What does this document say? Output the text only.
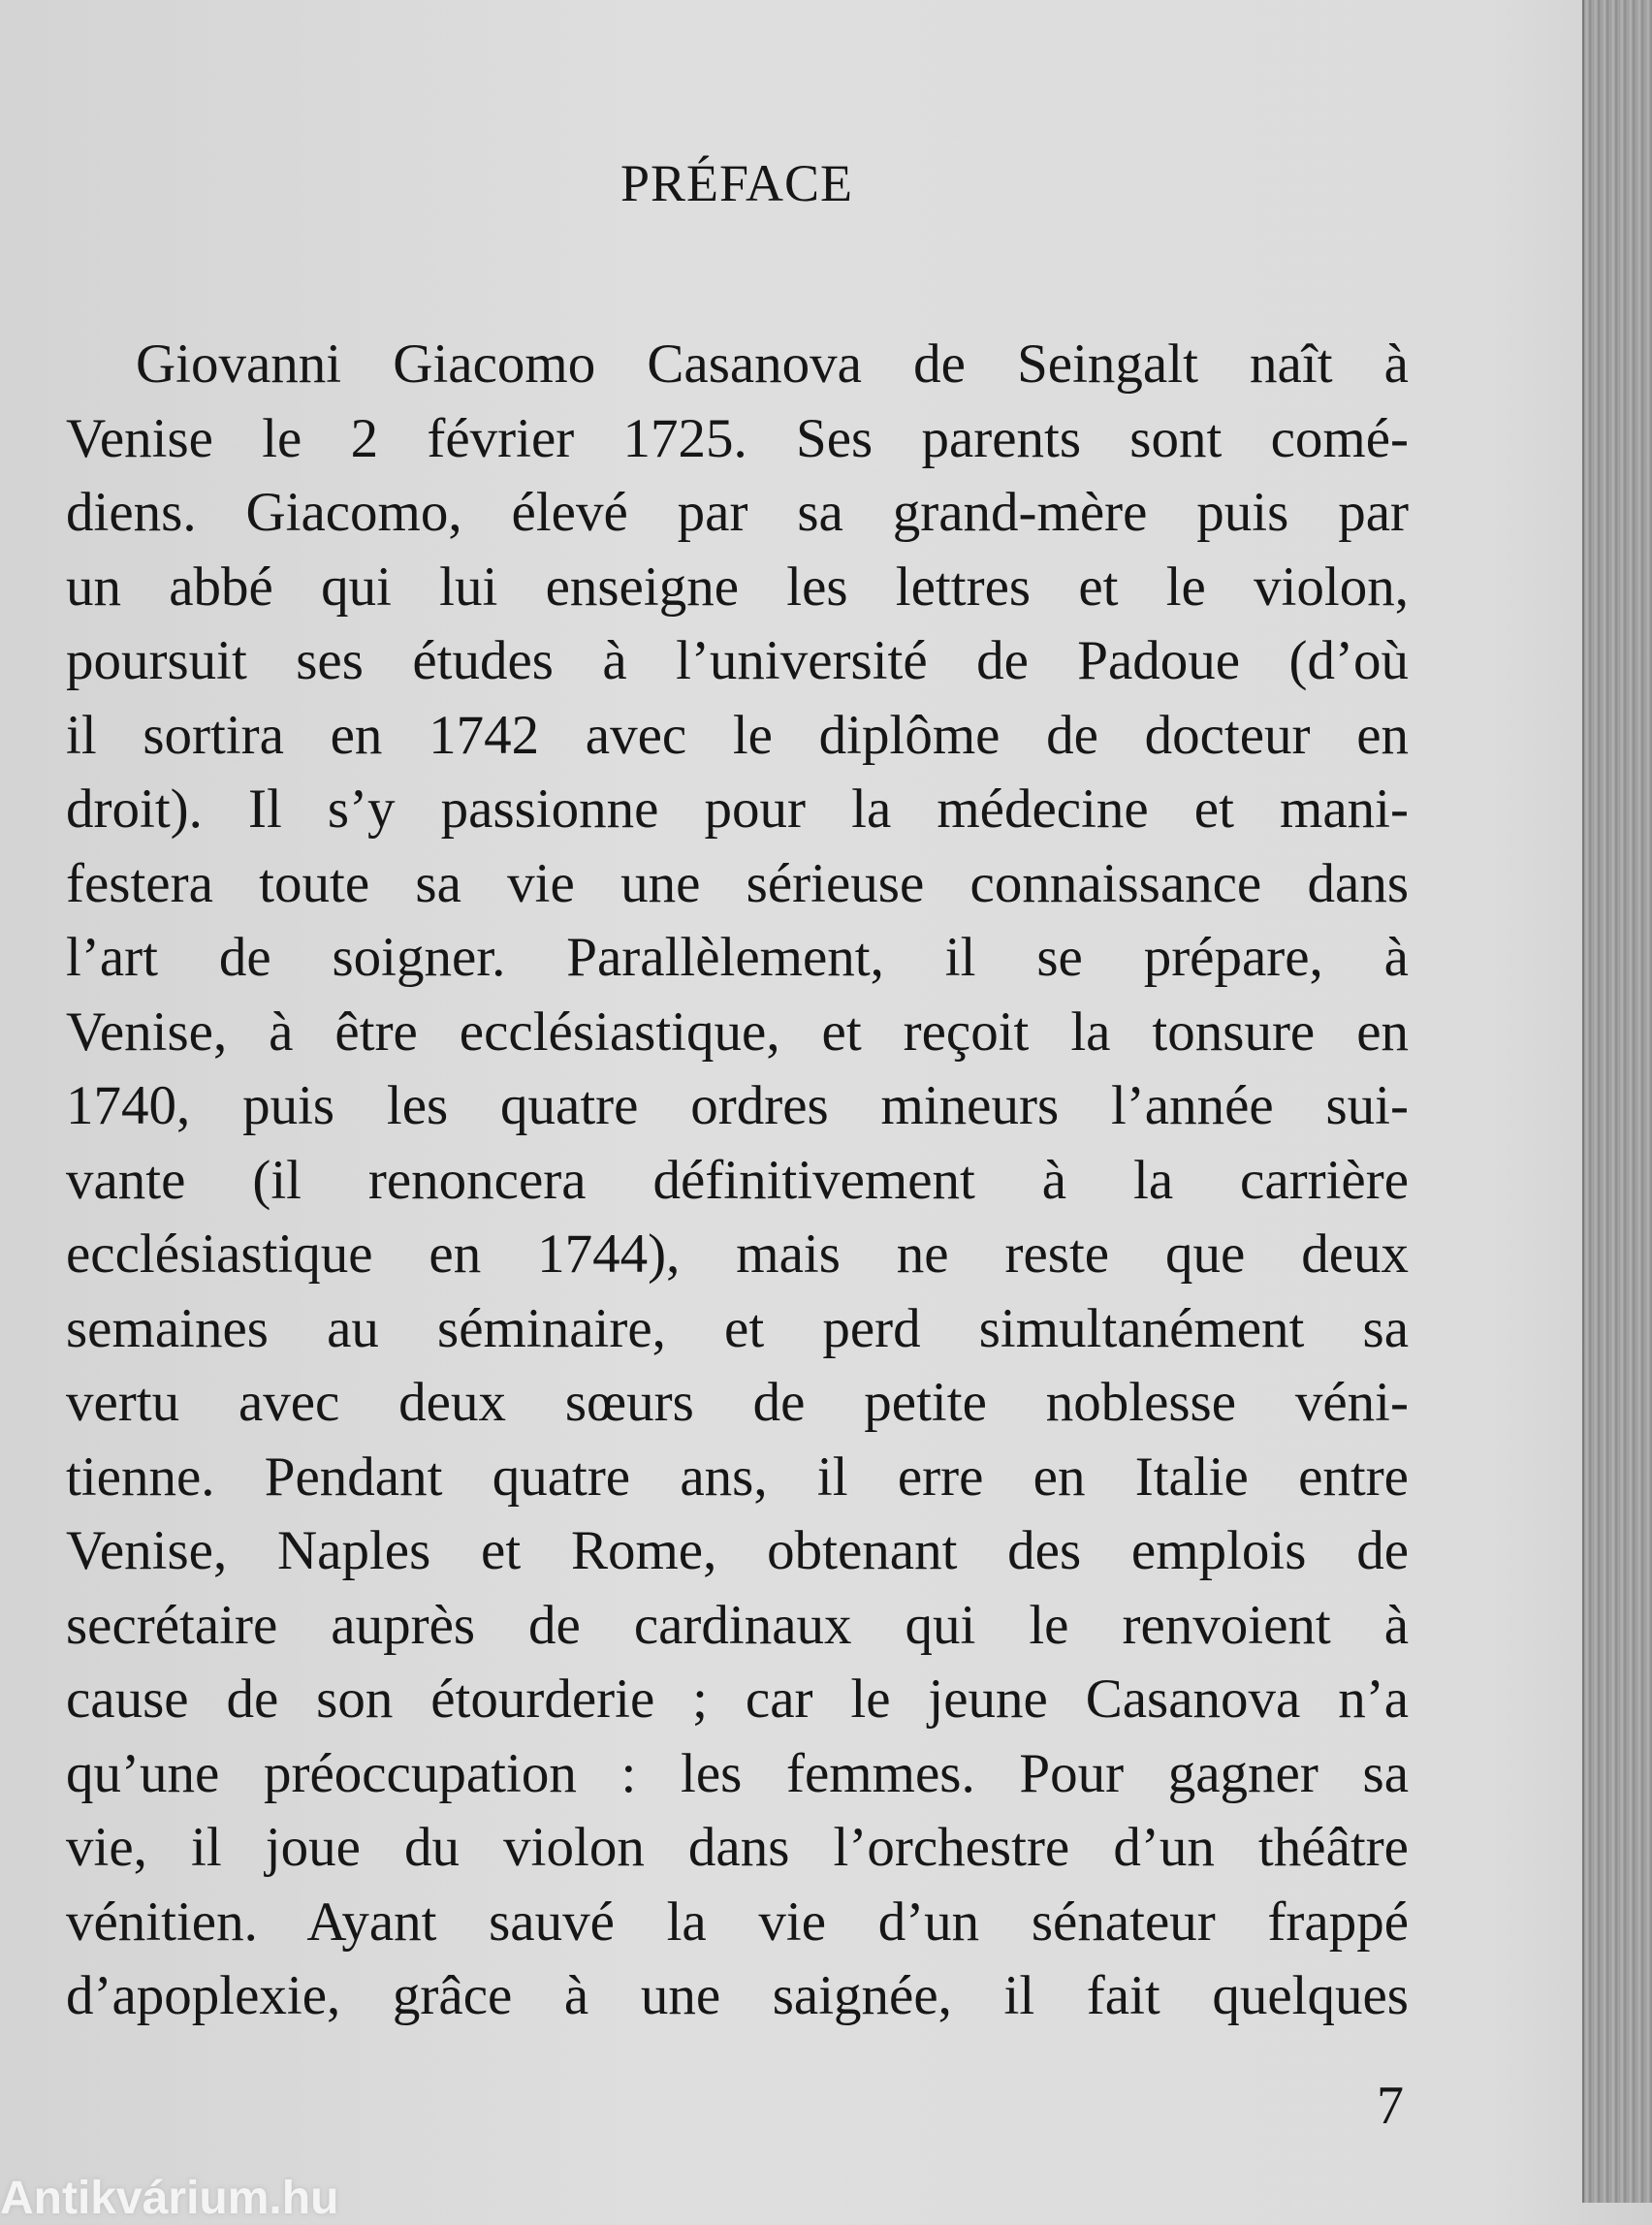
PRÉFACE
Giovanni Giacomo Casanova de Seingalt naît à
Venise le 2 février 1725. Ses parents sont comé-
diens. Giacomo, élevé par sa grand-mère puis par
un abbé qui lui enseigne les lettres et le violon,
poursuit ses études à l’université de Padoue (d’où
il sortira en 1742 avec le diplôme de docteur en
droit). Il s’y passionne pour la médecine et mani-
festera toute sa vie une sérieuse connaissance dans
l’art de soigner. Parallèlement, il se prépare, à
Venise, à être ecclésiastique, et reçoit la tonsure en
1740, puis les quatre ordres mineurs l’année sui-
vante (il renoncera définitivement à la carrière
ecclésiastique en 1744), mais ne reste que deux
semaines au séminaire, et perd simultanément sa
vertu avec deux sœurs de petite noblesse véni-
tienne. Pendant quatre ans, il erre en Italie entre
Venise, Naples et Rome, obtenant des emplois de
secrétaire auprès de cardinaux qui le renvoient à
cause de son étourderie ; car le jeune Casanova n’a
qu’une préoccupation : les femmes. Pour gagner sa
vie, il joue du violon dans l’orchestre d’un théâtre
vénitien. Ayant sauvé la vie d’un sénateur frappé
d’apoplexie, grâce à une saignée, il fait quelques
7
Antikvárium.hu
